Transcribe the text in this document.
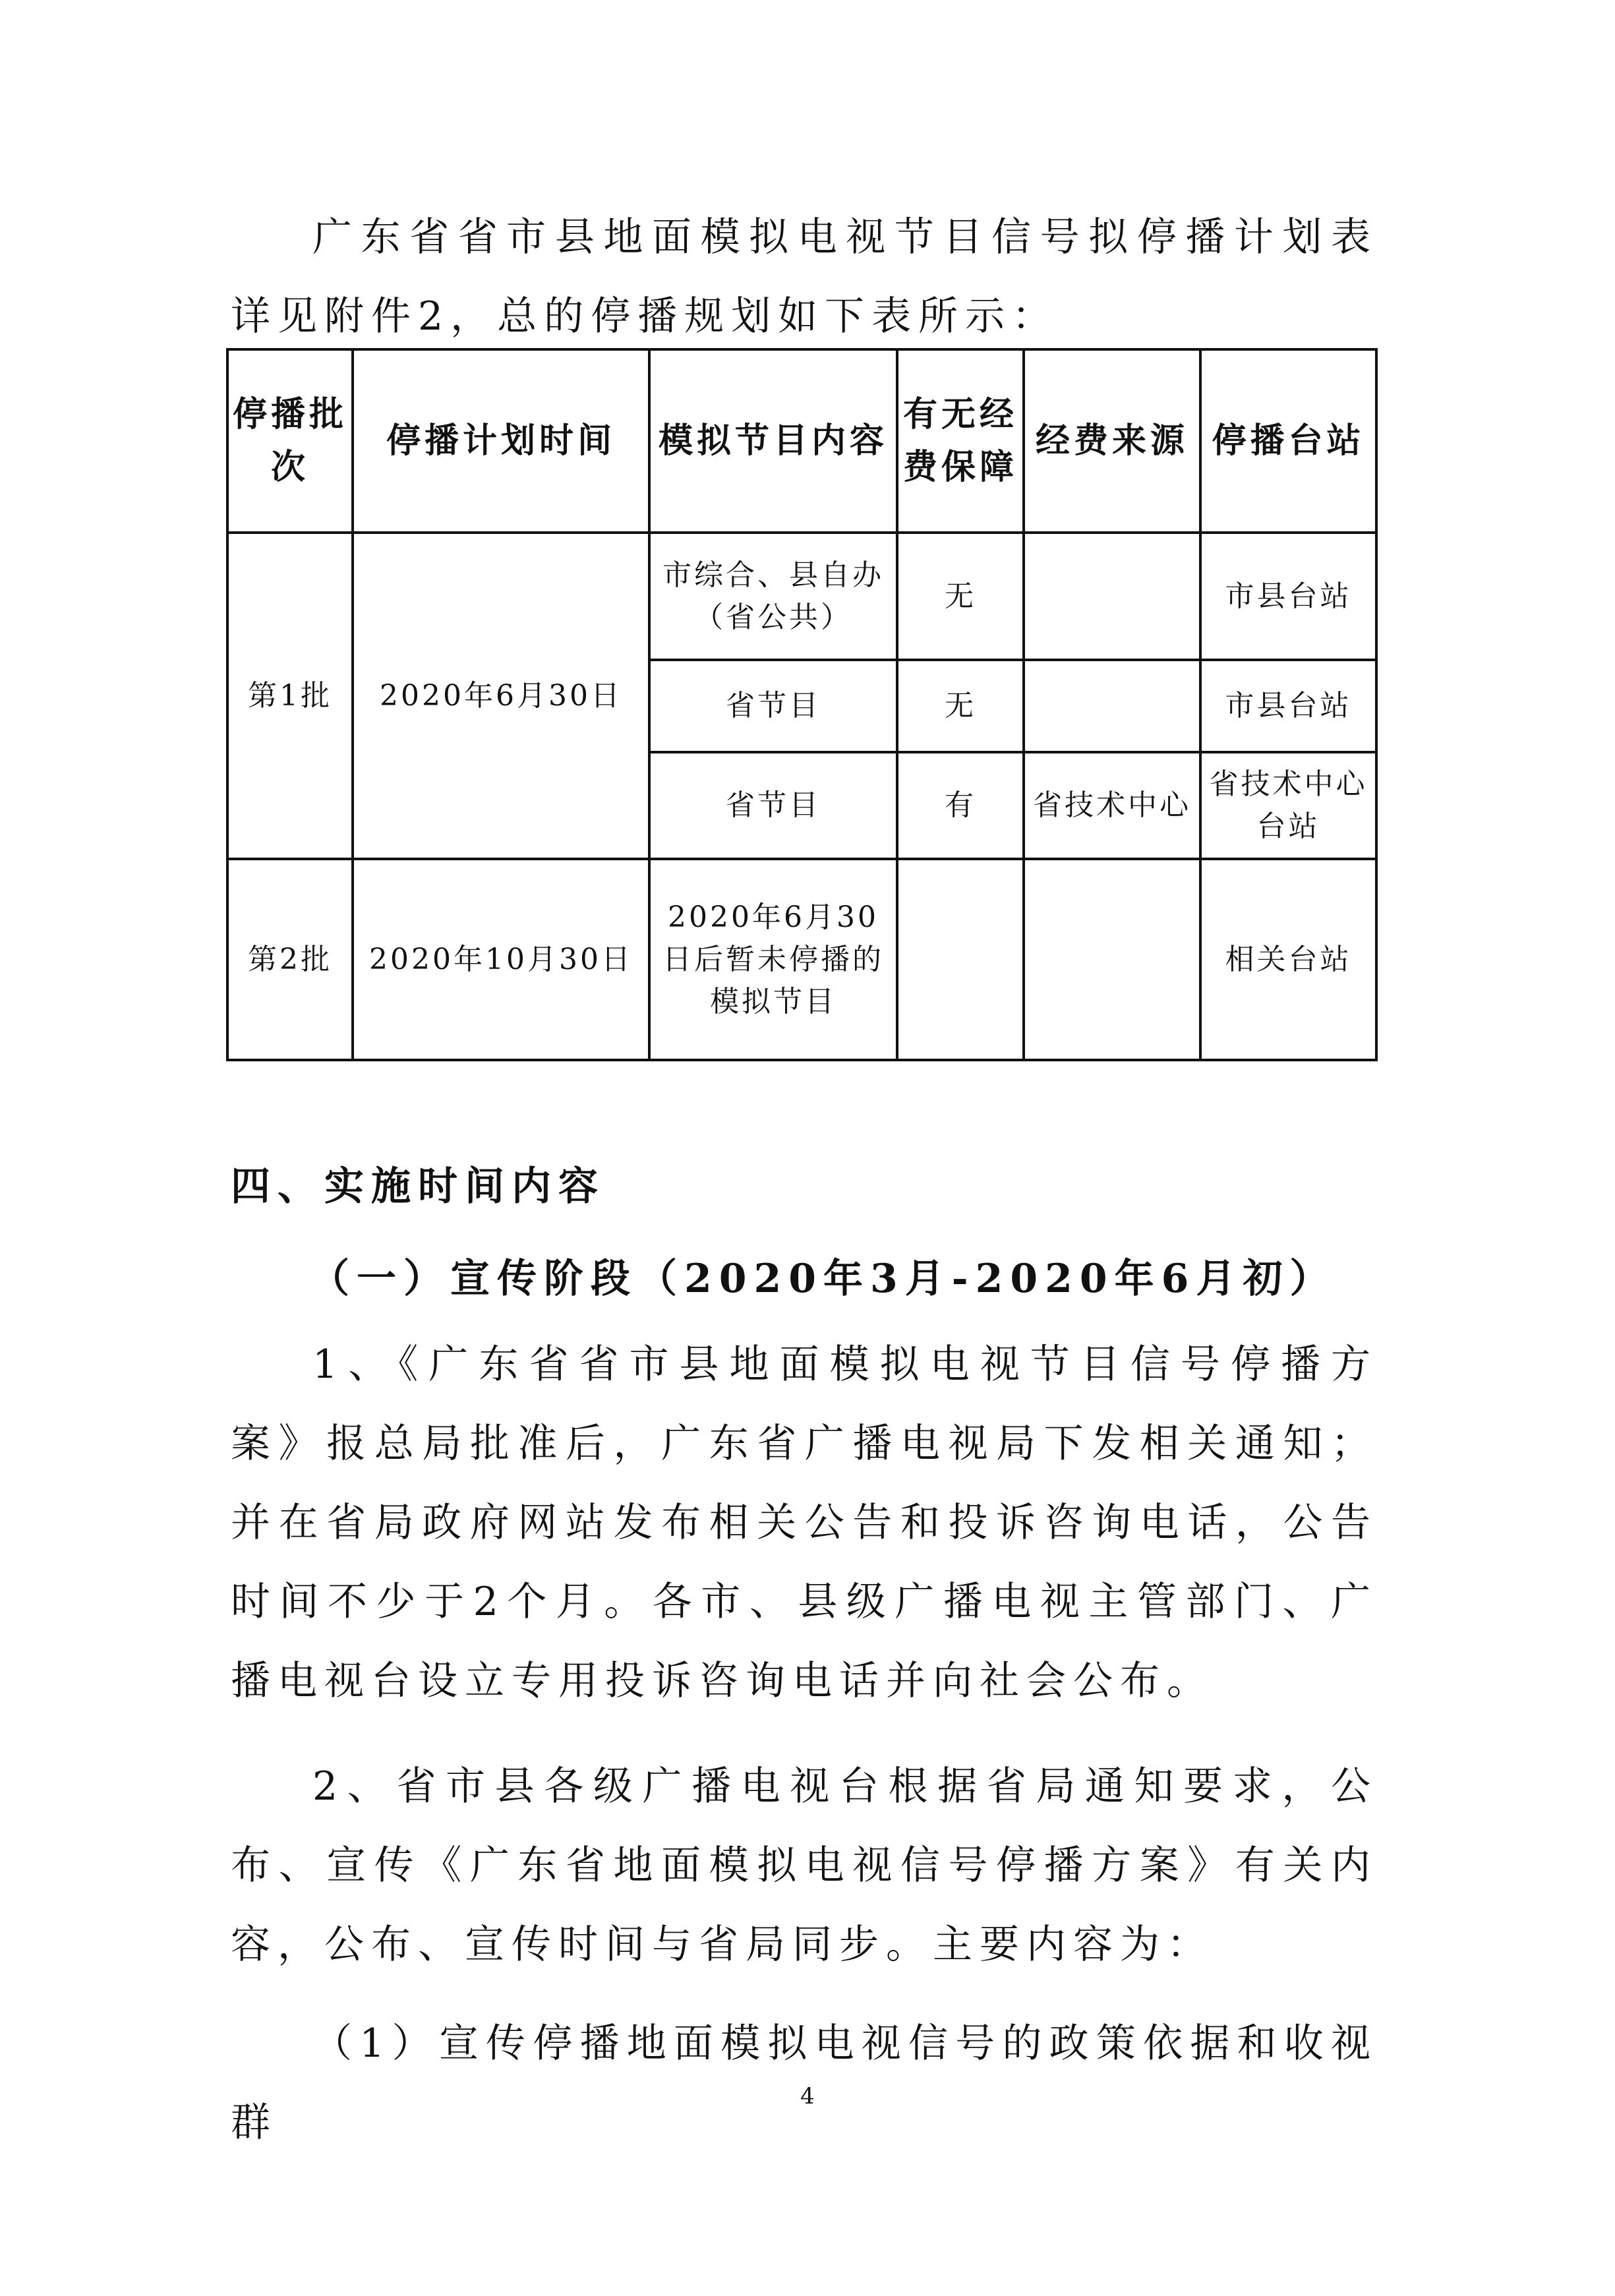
广东省省市县地面模拟电视节目信号拟停播计划表详见附件2，总的停播规划如下表所示：

停播批次	停播计划时间	模拟节目内容	有无经费保障	经费来源	停播台站
第1批	2020年6月30日	市综合、县自办（省公共）	无		市县台站
		省节目	无		市县台站
		省节目	有	省技术中心	省技术中心台站
第2批	2020年10月30日	2020年6月30日后暂未停播的模拟节目			相关台站

四、实施时间内容

（一）宣传阶段（2020年3月-2020年6月初）

1、《广东省省市县地面模拟电视节目信号停播方案》报总局批准后，广东省广播电视局下发相关通知；并在省局政府网站发布相关公告和投诉咨询电话，公告时间不少于2个月。各市、县级广播电视主管部门、广播电视台设立专用投诉咨询电话并向社会公布。

2、省市县各级广播电视台根据省局通知要求，公布、宣传《广东省地面模拟电视信号停播方案》有关内容，公布、宣传时间与省局同步。主要内容为：

（1）宣传停播地面模拟电视信号的政策依据和收视群

4
